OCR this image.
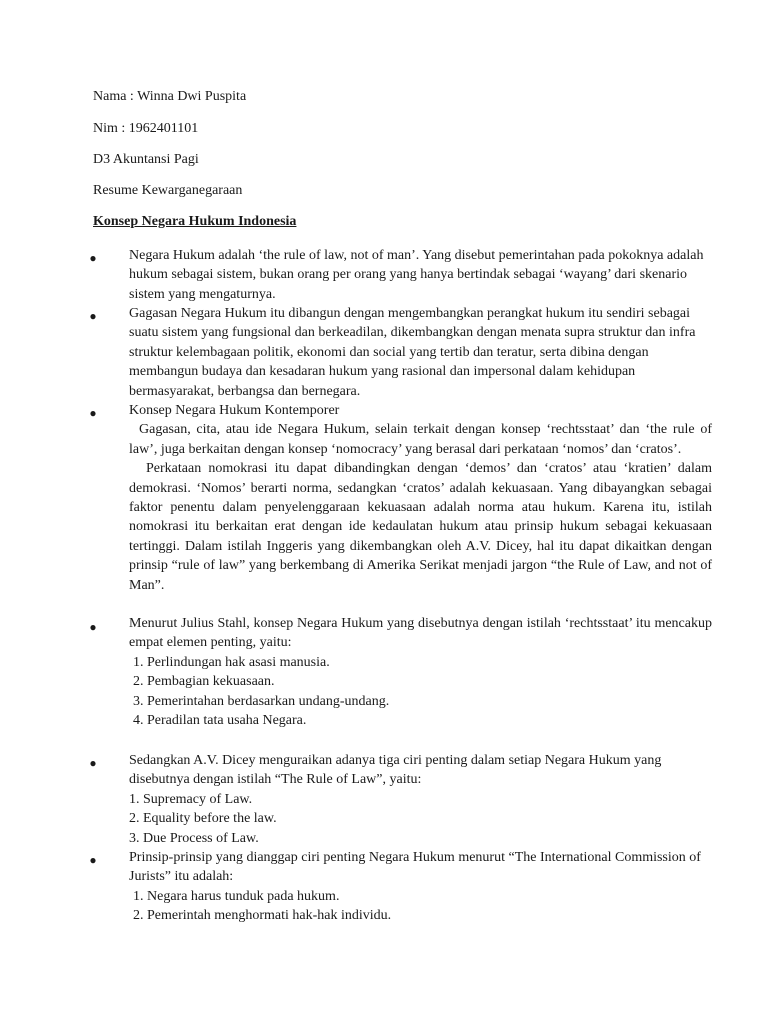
Nama : Winna Dwi Puspita
Nim : 1962401101
D3 Akuntansi Pagi
Resume Kewarganegaraan
Konsep Negara Hukum Indonesia
● Negara Hukum adalah ‘the rule of law, not of man’. Yang disebut pemerintahan pada pokoknya adalah hukum sebagai sistem, bukan orang per orang yang hanya bertindak sebagai ‘wayang’ dari skenario sistem yang mengaturnya.

● Gagasan Negara Hukum itu dibangun dengan mengembangkan perangkat hukum itu sendiri sebagai suatu sistem yang fungsional dan berkeadilan, dikembangkan dengan menata supra struktur dan infra struktur kelembagaan politik, ekonomi dan social yang tertib dan teratur, serta dibina dengan membangun budaya dan kesadaran hukum yang rasional dan impersonal dalam kehidupan bermasyarakat, berbangsa dan bernegara.

● Konsep Negara Hukum Kontemporer

Gagasan, cita, atau ide Negara Hukum, selain terkait dengan konsep ‘rechtsstaat’ dan ‘the rule of law’, juga berkaitan dengan konsep ‘nomocracy’ yang berasal dari perkataan ‘nomos’ dan ‘cratos’.

Perkataan nomokrasi itu dapat dibandingkan dengan ‘demos’ dan ‘cratos’ atau ‘kratien’ dalam demokrasi. ‘Nomos’ berarti norma, sedangkan ‘cratos’ adalah kekuasaan. Yang dibayangkan sebagai faktor penentu dalam penyelenggaraan kekuasaan adalah norma atau hukum. Karena itu, istilah nomokrasi itu berkaitan erat dengan ide kedaulatan hukum atau prinsip hukum sebagai kekuasaan tertinggi. Dalam istilah Inggeris yang dikembangkan oleh A.V. Dicey, hal itu dapat dikaitkan dengan prinsip “rule of law” yang berkembang di Amerika Serikat menjadi jargon “the Rule of Law, and not of Man”.

● Menurut Julius Stahl, konsep Negara Hukum yang disebutnya dengan istilah ‘rechtsstaat’ itu mencakup empat elemen penting, yaitu:

1. Perlindungan hak asasi manusia.
2. Pembagian kekuasaan.
3. Pemerintahan berdasarkan undang-undang.
4. Peradilan tata usaha Negara.
● Sedangkan A.V. Dicey menguraikan adanya tiga ciri penting dalam setiap Negara Hukum yang disebutnya dengan istilah “The Rule of Law”, yaitu:

1. Supremacy of Law.
2. Equality before the law.
3. Due Process of Law.
● Prinsip-prinsip yang dianggap ciri penting Negara Hukum menurut “The International Commission of Jurists” itu adalah:

1. Negara harus tunduk pada hukum.
2. Pemerintah menghormati hak-hak individu.
